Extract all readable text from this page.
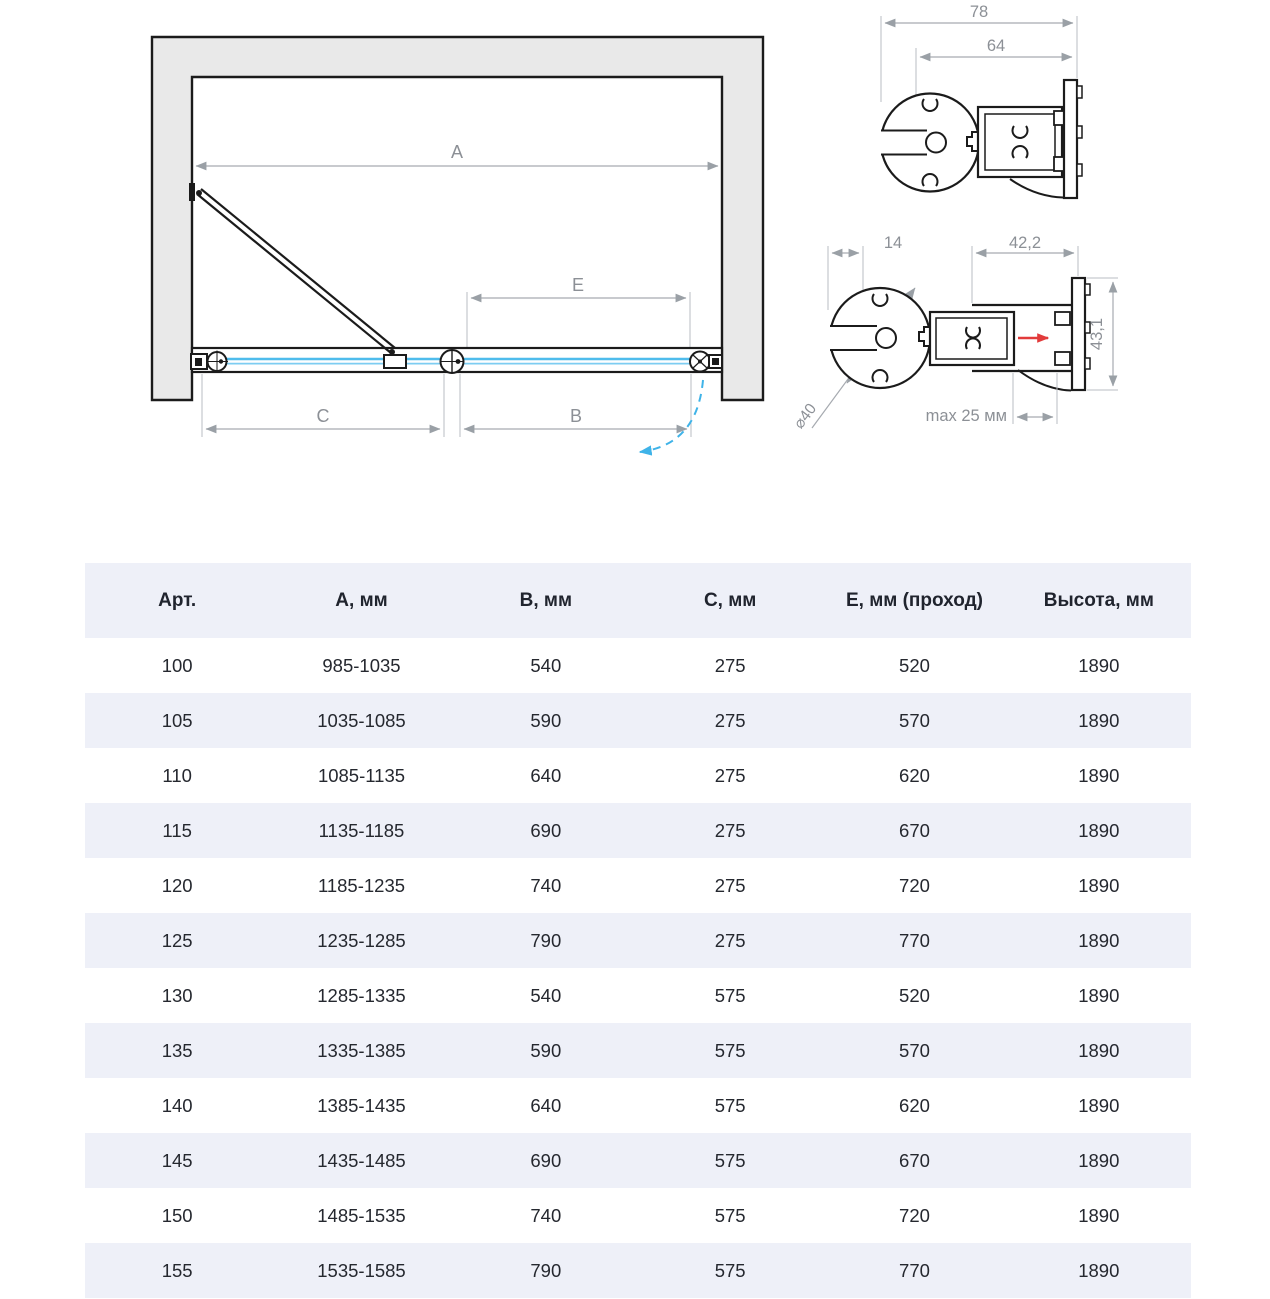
A
E
C	B
78
64
14	42,2
⌀40
43,1
max 25 мм
Арт.	A, мм	B, мм	C, мм	E, мм (проход)	Высота, мм
100	985-1035	540	275	520	1890
105	1035-1085	590	275	570	1890
110	1085-1135	640	275	620	1890
115	1135-1185	690	275	670	1890
120	1185-1235	740	275	720	1890
125	1235-1285	790	275	770	1890
130	1285-1335	540	575	520	1890
135	1335-1385	590	575	570	1890
140	1385-1435	640	575	620	1890
145	1435-1485	690	575	670	1890
150	1485-1535	740	575	720	1890
155	1535-1585	790	575	770	1890
